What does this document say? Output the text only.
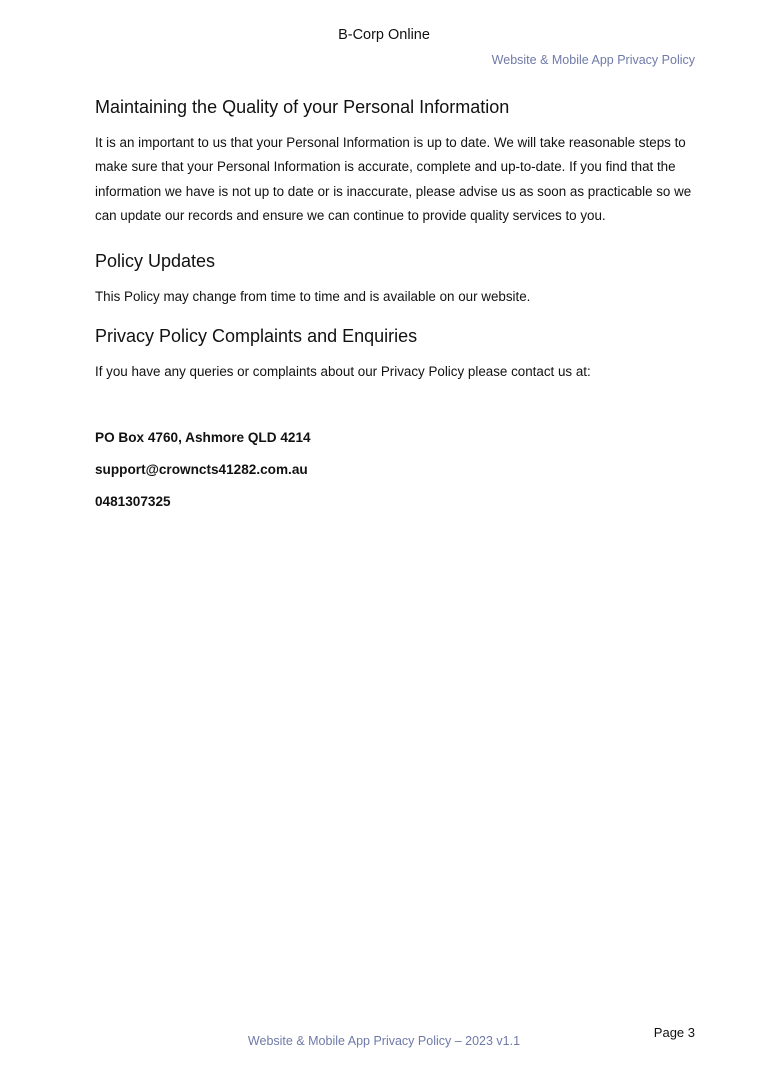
B-Corp Online
Website & Mobile App Privacy Policy
Maintaining the Quality of your Personal Information

It is an important to us that your Personal Information is up to date. We will take reasonable steps to make sure that your Personal Information is accurate, complete and up-to-date. If you find that the information we have is not up to date or is inaccurate, please advise us as soon as practicable so we can update our records and ensure we can continue to provide quality services to you.

Policy Updates

This Policy may change from time to time and is available on our website.

Privacy Policy Complaints and Enquiries

If you have any queries or complaints about our Privacy Policy please contact us at:

PO Box 4760, Ashmore QLD 4214
support@crowncts41282.com.au
0481307325
Page 3
Website & Mobile App Privacy Policy – 2023 v1.1
